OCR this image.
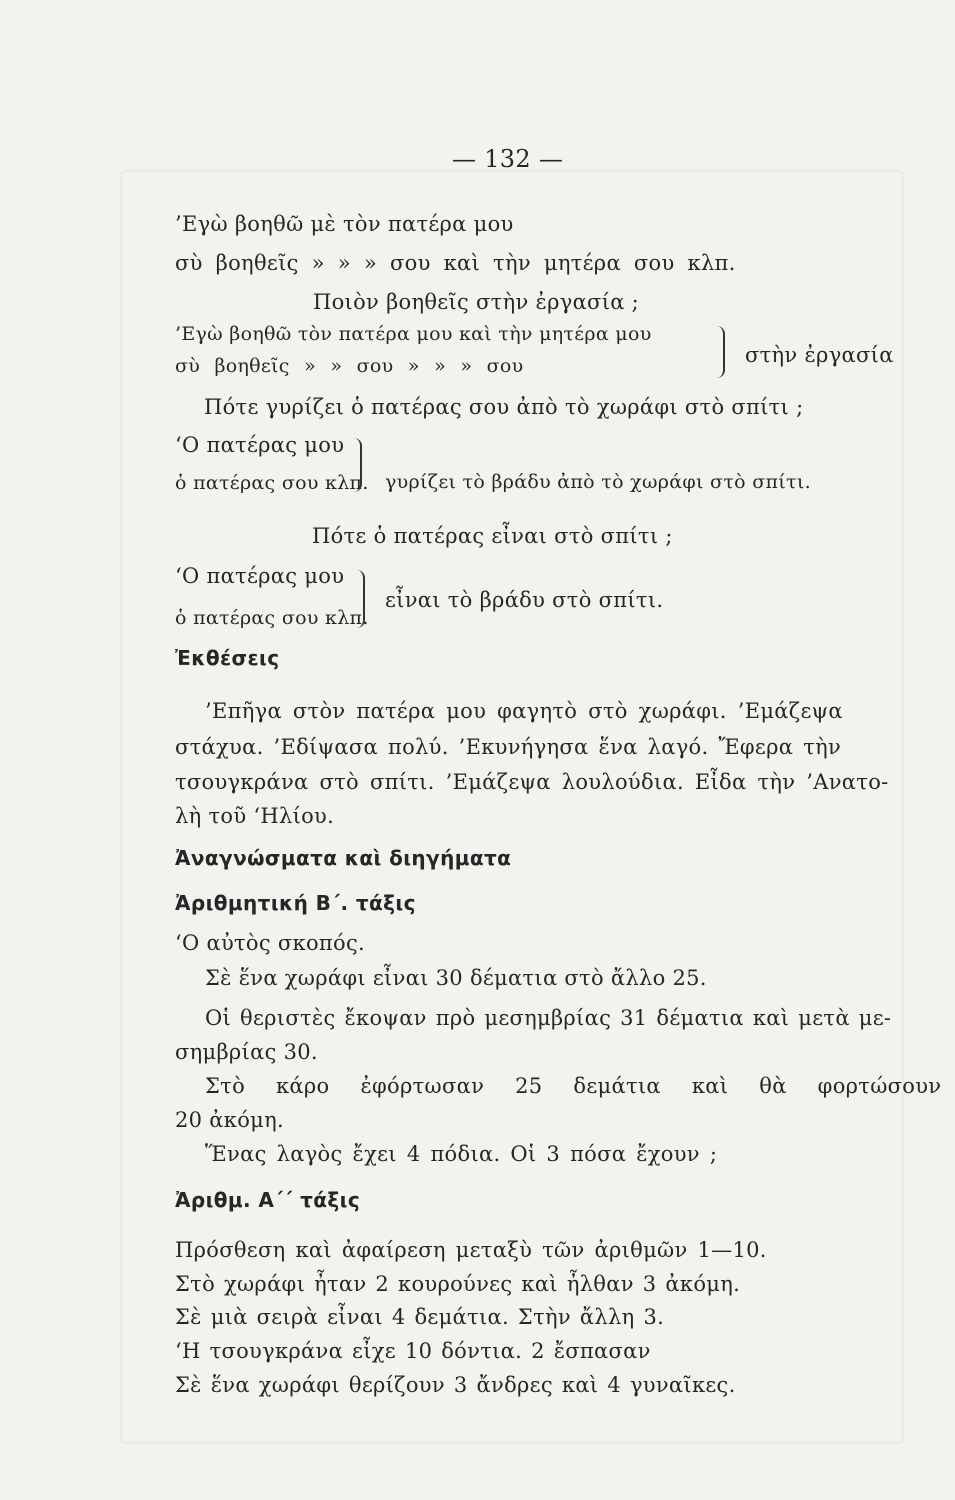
— 132 —
’Εγὼ βοηθῶ μὲ τὸν πατέρα μου
σὺ βοηθεῖς » » » σου καὶ τὴν μητέρα σου κλπ.
Ποιὸν βοηθεῖς στὴν ἐργασία ;
’Εγὼ βοηθῶ τὸν πατέρα μου καὶ τὴν μητέρα μου
σὺ βοηθεῖς » » σου » » » σου	στὴν ἐργασία
Πότε γυρίζει ὁ πατέρας σου ἀπὸ τὸ χωράφι στὸ σπίτι ;
‘Ο πατέρας μου
ὁ πατέρας σου κλπ. γυρίζει τὸ βράδυ ἀπὸ τὸ χωράφι στὸ σπίτι.
Πότε ὁ πατέρας εἶναι στὸ σπίτι ;
‘Ο πατέρας μου
ὁ πατέρας σου κλπ.
εἶναι τὸ βράδυ στὸ σπίτι.
Ἐκθέσεις
’Επῆγα στὸν πατέρα μου φαγητὸ στὸ χωράφι. ’Εμάζεψα
στάχυα. ’Εδίψασα πολύ. ’Εκυνήγησα ἕνα λαγό. Ἔφερα τὴν
τσουγκράνα στὸ σπίτι. ’Εμάζεψα λουλούδια. Εἶδα τὴν ’Ανατο-
λὴ τοῦ ‘Ηλίου.
Ἀναγνώσματα καὶ διηγήματα
Ἀριθμητική Β΄. τάξις
‘Ο αὐτὸς σκοπός.
Σὲ ἕνα χωράφι εἶναι 30 δέματια στὸ ἄλλο 25.
Οἱ θεριστὲς ἔκοψαν πρὸ μεσημβρίας 31 δέματια καὶ μετὰ με-
σημβρίας 30.
Στὸ κάρο ἐφόρτωσαν 25 δεμάτια καὶ θὰ φορτώσουν
20 ἀκόμη.
Ἕνας λαγὸς ἔχει 4 πόδια. Οἱ 3 πόσα ἔχουν ;
Ἀριθμ. Α΄΄ τάξις
Πρόσθεση καὶ ἀφαίρεση μεταξὺ τῶν ἀριθμῶν 1—10.
Στὸ χωράφι ἦταν 2 κουρούνες καὶ ἦλθαν 3 ἀκόμη.
Σὲ μιὰ σειρὰ εἶναι 4 δεμάτια. Στὴν ἄλλη 3.
‘Η τσουγκράνα εἶχε 10 δόντια. 2 ἔσπασαν
Σὲ ἕνα χωράφι θερίζουν 3 ἄνδρες καὶ 4 γυναῖκες.
